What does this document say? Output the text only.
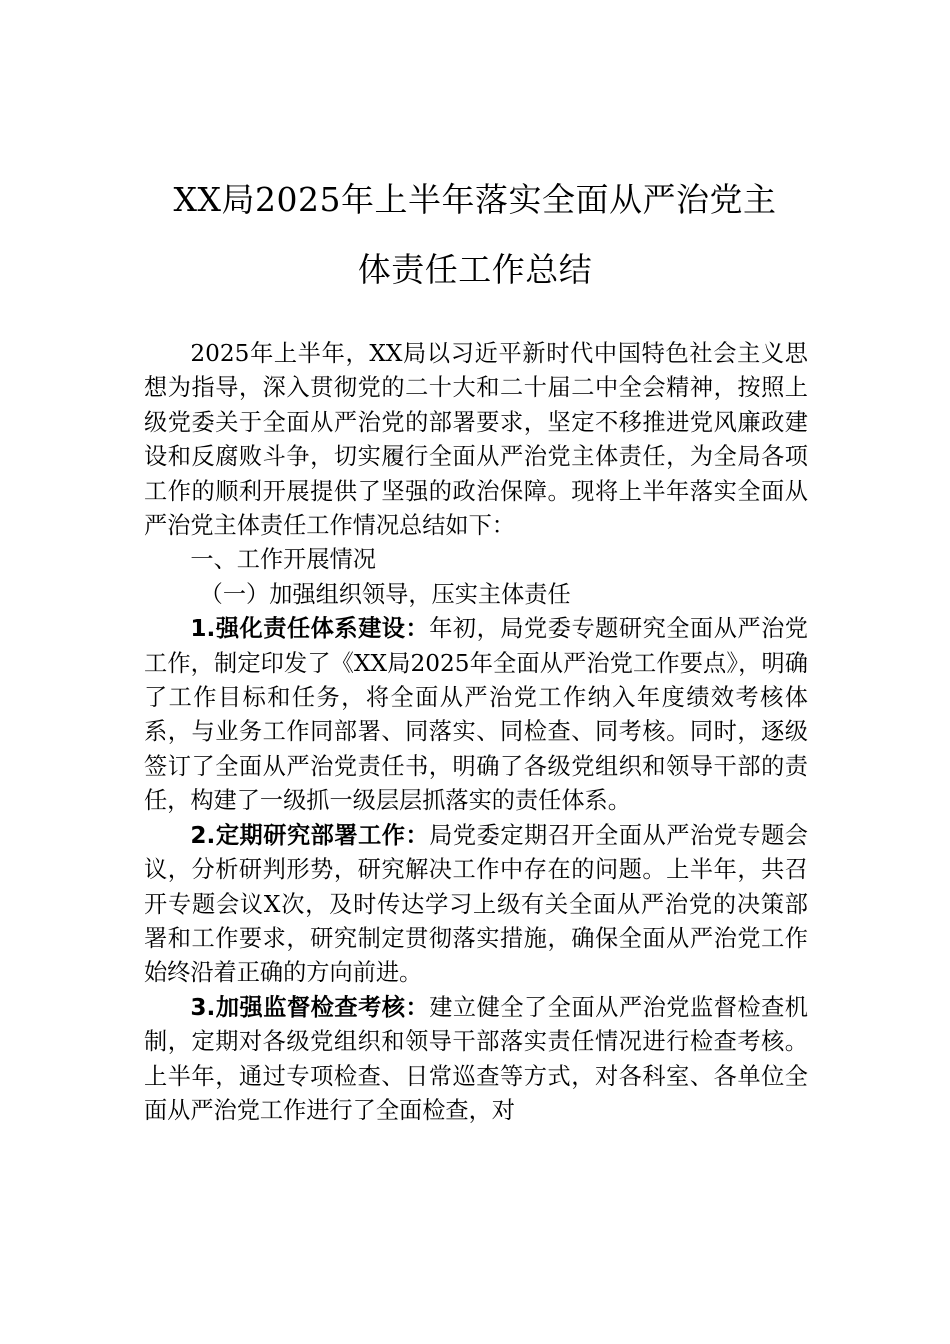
XX局2025年上半年落实全面从严治党主
体责任工作总结

2025年上半年，XX局以习近平新时代中国特色社会主义思想为指导，深入贯彻党的二十大和二十届二中全会精神，按照上级党委关于全面从严治党的部署要求，坚定不移推进党风廉政建设和反腐败斗争，切实履行全面从严治党主体责任，为全局各项工作的顺利开展提供了坚强的政治保障。现将上半年落实全面从严治党主体责任工作情况总结如下：

一、工作开展情况

（一）加强组织领导，压实主体责任

1.强化责任体系建设：年初，局党委专题研究全面从严治党工作，制定印发了《XX局2025年全面从严治党工作要点》，明确了工作目标和任务，将全面从严治党工作纳入年度绩效考核体系，与业务工作同部署、同落实、同检查、同考核。同时，逐级签订了全面从严治党责任书，明确了各级党组织和领导干部的责任，构建了一级抓一级层层抓落实的责任体系。

2.定期研究部署工作：局党委定期召开全面从严治党专题会议，分析研判形势，研究解决工作中存在的问题。上半年，共召开专题会议X次，及时传达学习上级有关全面从严治党的决策部署和工作要求，研究制定贯彻落实措施，确保全面从严治党工作始终沿着正确的方向前进。

3.加强监督检查考核：建立健全了全面从严治党监督检查机制，定期对各级党组织和领导干部落实责任情况进行检查考核。上半年，通过专项检查、日常巡查等方式，对各科室、各单位全面从严治党工作进行了全面检查，对
